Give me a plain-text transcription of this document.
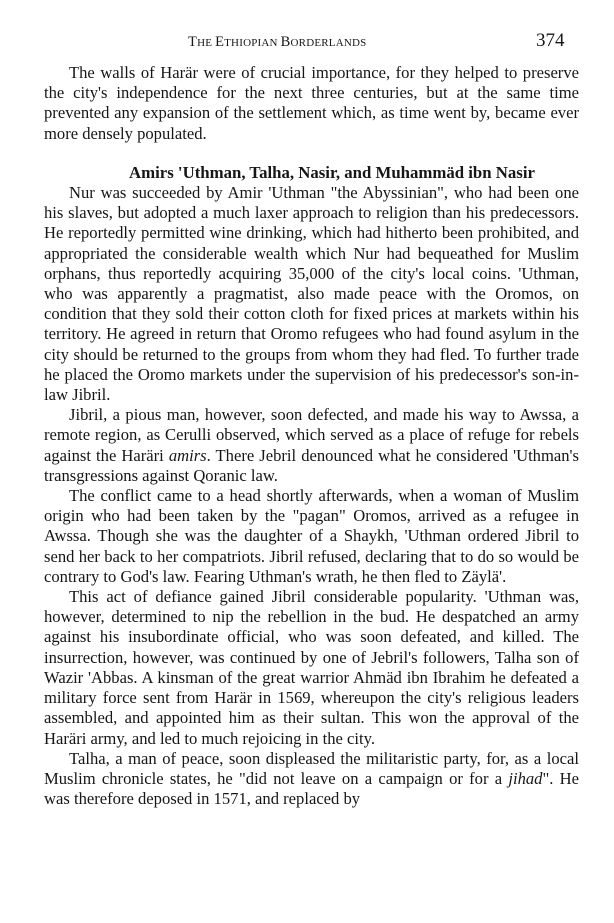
THE ETHIOPIAN BORDERLANDS	374

The walls of Harär were of crucial importance, for they helped to preserve the city's independence for the next three centuries, but at the same time prevented any expansion of the settlement which, as time went by, became ever more densely populated.

Amirs 'Uthman, Talha, Nasir, and Muhammäd ibn Nasir

Nur was succeeded by Amir 'Uthman "the Abyssinian", who had been one his slaves, but adopted a much laxer approach to religion than his predecessors. He reportedly permitted wine drinking, which had hitherto been prohibited, and appropriated the considerable wealth which Nur had bequeathed for Muslim orphans, thus reportedly acquiring 35,000 of the city's local coins. 'Uthman, who was apparently a pragmatist, also made peace with the Oromos, on condition that they sold their cotton cloth for fixed prices at markets within his territory. He agreed in return that Oromo refugees who had found asylum in the city should be returned to the groups from whom they had fled. To further trade he placed the Oromo markets under the supervision of his predecessor's son-in-law Jibril.

Jibril, a pious man, however, soon defected, and made his way to Awssa, a remote region, as Cerulli observed, which served as a place of refuge for rebels against the Haräri amirs. There Jebril denounced what he considered 'Uthman's transgressions against Qoranic law.

The conflict came to a head shortly afterwards, when a woman of Muslim origin who had been taken by the "pagan" Oromos, arrived as a refugee in Awssa. Though she was the daughter of a Shaykh, 'Uthman ordered Jibril to send her back to her compatriots. Jibril refused, declaring that to do so would be contrary to God's law. Fearing Uthman's wrath, he then fled to Zäylä'.

This act of defiance gained Jibril considerable popularity. 'Uthman was, however, determined to nip the rebellion in the bud. He despatched an army against his insubordinate official, who was soon defeated, and killed. The insurrection, however, was continued by one of Jebril's followers, Talha son of Wazir 'Abbas. A kinsman of the great warrior Ahmäd ibn Ibrahim he defeated a military force sent from Harär in 1569, whereupon the city's religious leaders assembled, and appointed him as their sultan. This won the approval of the Haräri army, and led to much rejoicing in the city.

Talha, a man of peace, soon displeased the militaristic party, for, as a local Muslim chronicle states, he "did not leave on a campaign or for a jihad". He was therefore deposed in 1571, and replaced by
